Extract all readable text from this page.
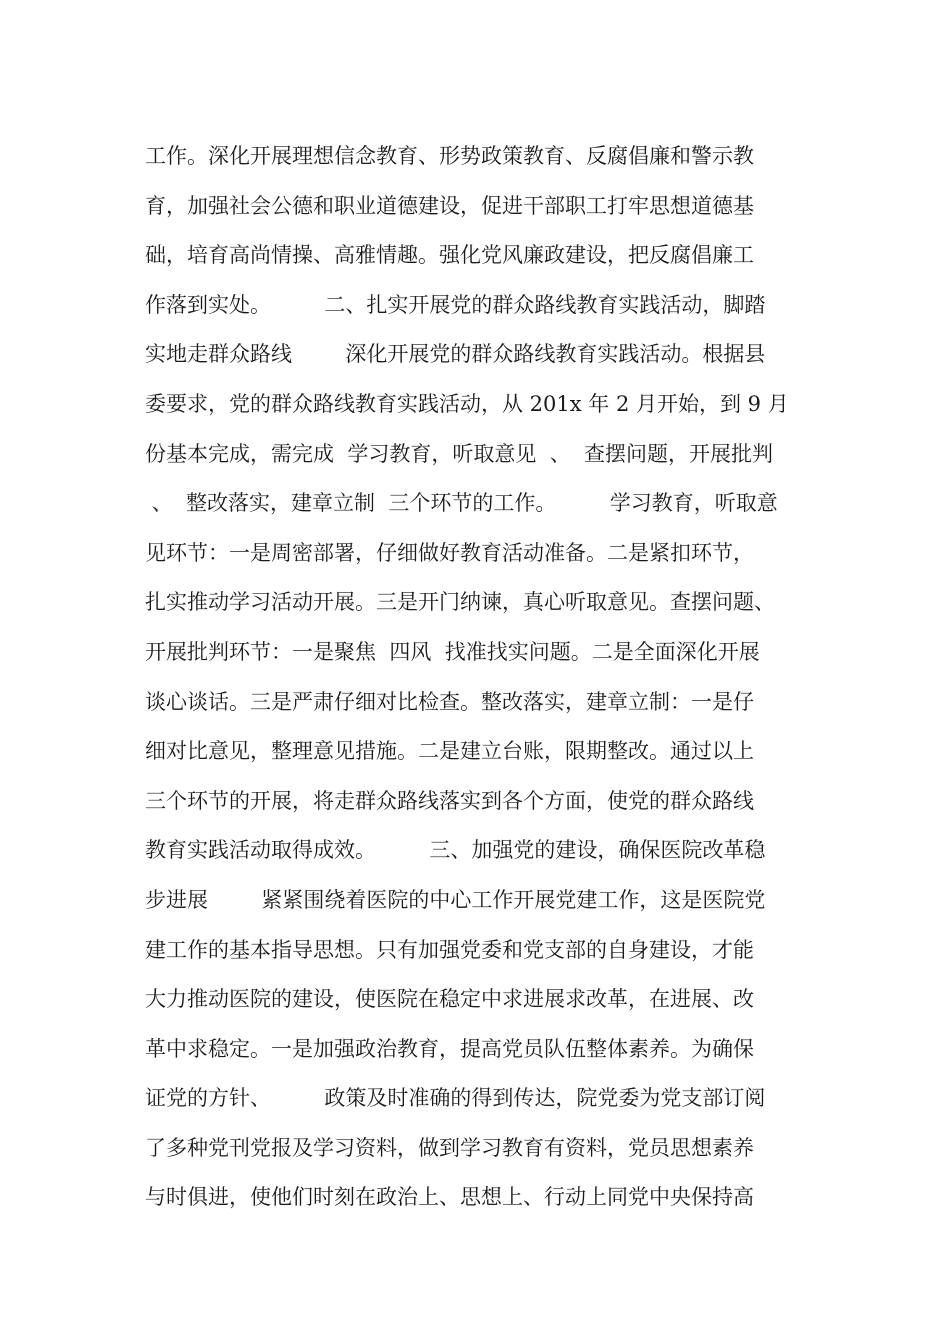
工作。深化开展理想信念教育、形势政策教育、反腐倡廉和警示教
育，加强社会公德和职业道德建设，促进干部职工打牢思想道德基
础，培育高尚情操、高雅情趣。强化党风廉政建设，把反腐倡廉工
作落到实处。        二、扎实开展党的群众路线教育实践活动，脚踏
实地走群众路线        深化开展党的群众路线教育实践活动。根据县
委要求，党的群众路线教育实践活动，从 201x 年 2 月开始，到 9 月
份基本完成，需完成  学习教育，听取意见  、  查摆问题，开展批判
、  整改落实，建章立制  三个环节的工作。        学习教育，听取意
见环节：一是周密部署，仔细做好教育活动准备。二是紧扣环节，
扎实推动学习活动开展。三是开门纳谏，真心听取意见。查摆问题、
开展批判环节：一是聚焦  四风  找准找实问题。二是全面深化开展
谈心谈话。三是严肃仔细对比检查。整改落实，建章立制：一是仔
细对比意见，整理意见措施。二是建立台账，限期整改。通过以上
三个环节的开展，将走群众路线落实到各个方面，使党的群众路线
教育实践活动取得成效。        三、加强党的建设，确保医院改革稳
步进展        紧紧围绕着医院的中心工作开展党建工作，这是医院党
建工作的基本指导思想。只有加强党委和党支部的自身建设，才能
大力推动医院的建设，使医院在稳定中求进展求改革，在进展、改
革中求稳定。一是加强政治教育，提高党员队伍整体素养。为确保
证党的方针、        政策及时准确的得到传达，院党委为党支部订阅
了多种党刊党报及学习资料，做到学习教育有资料，党员思想素养
与时俱进，使他们时刻在政治上、思想上、行动上同党中央保持高
